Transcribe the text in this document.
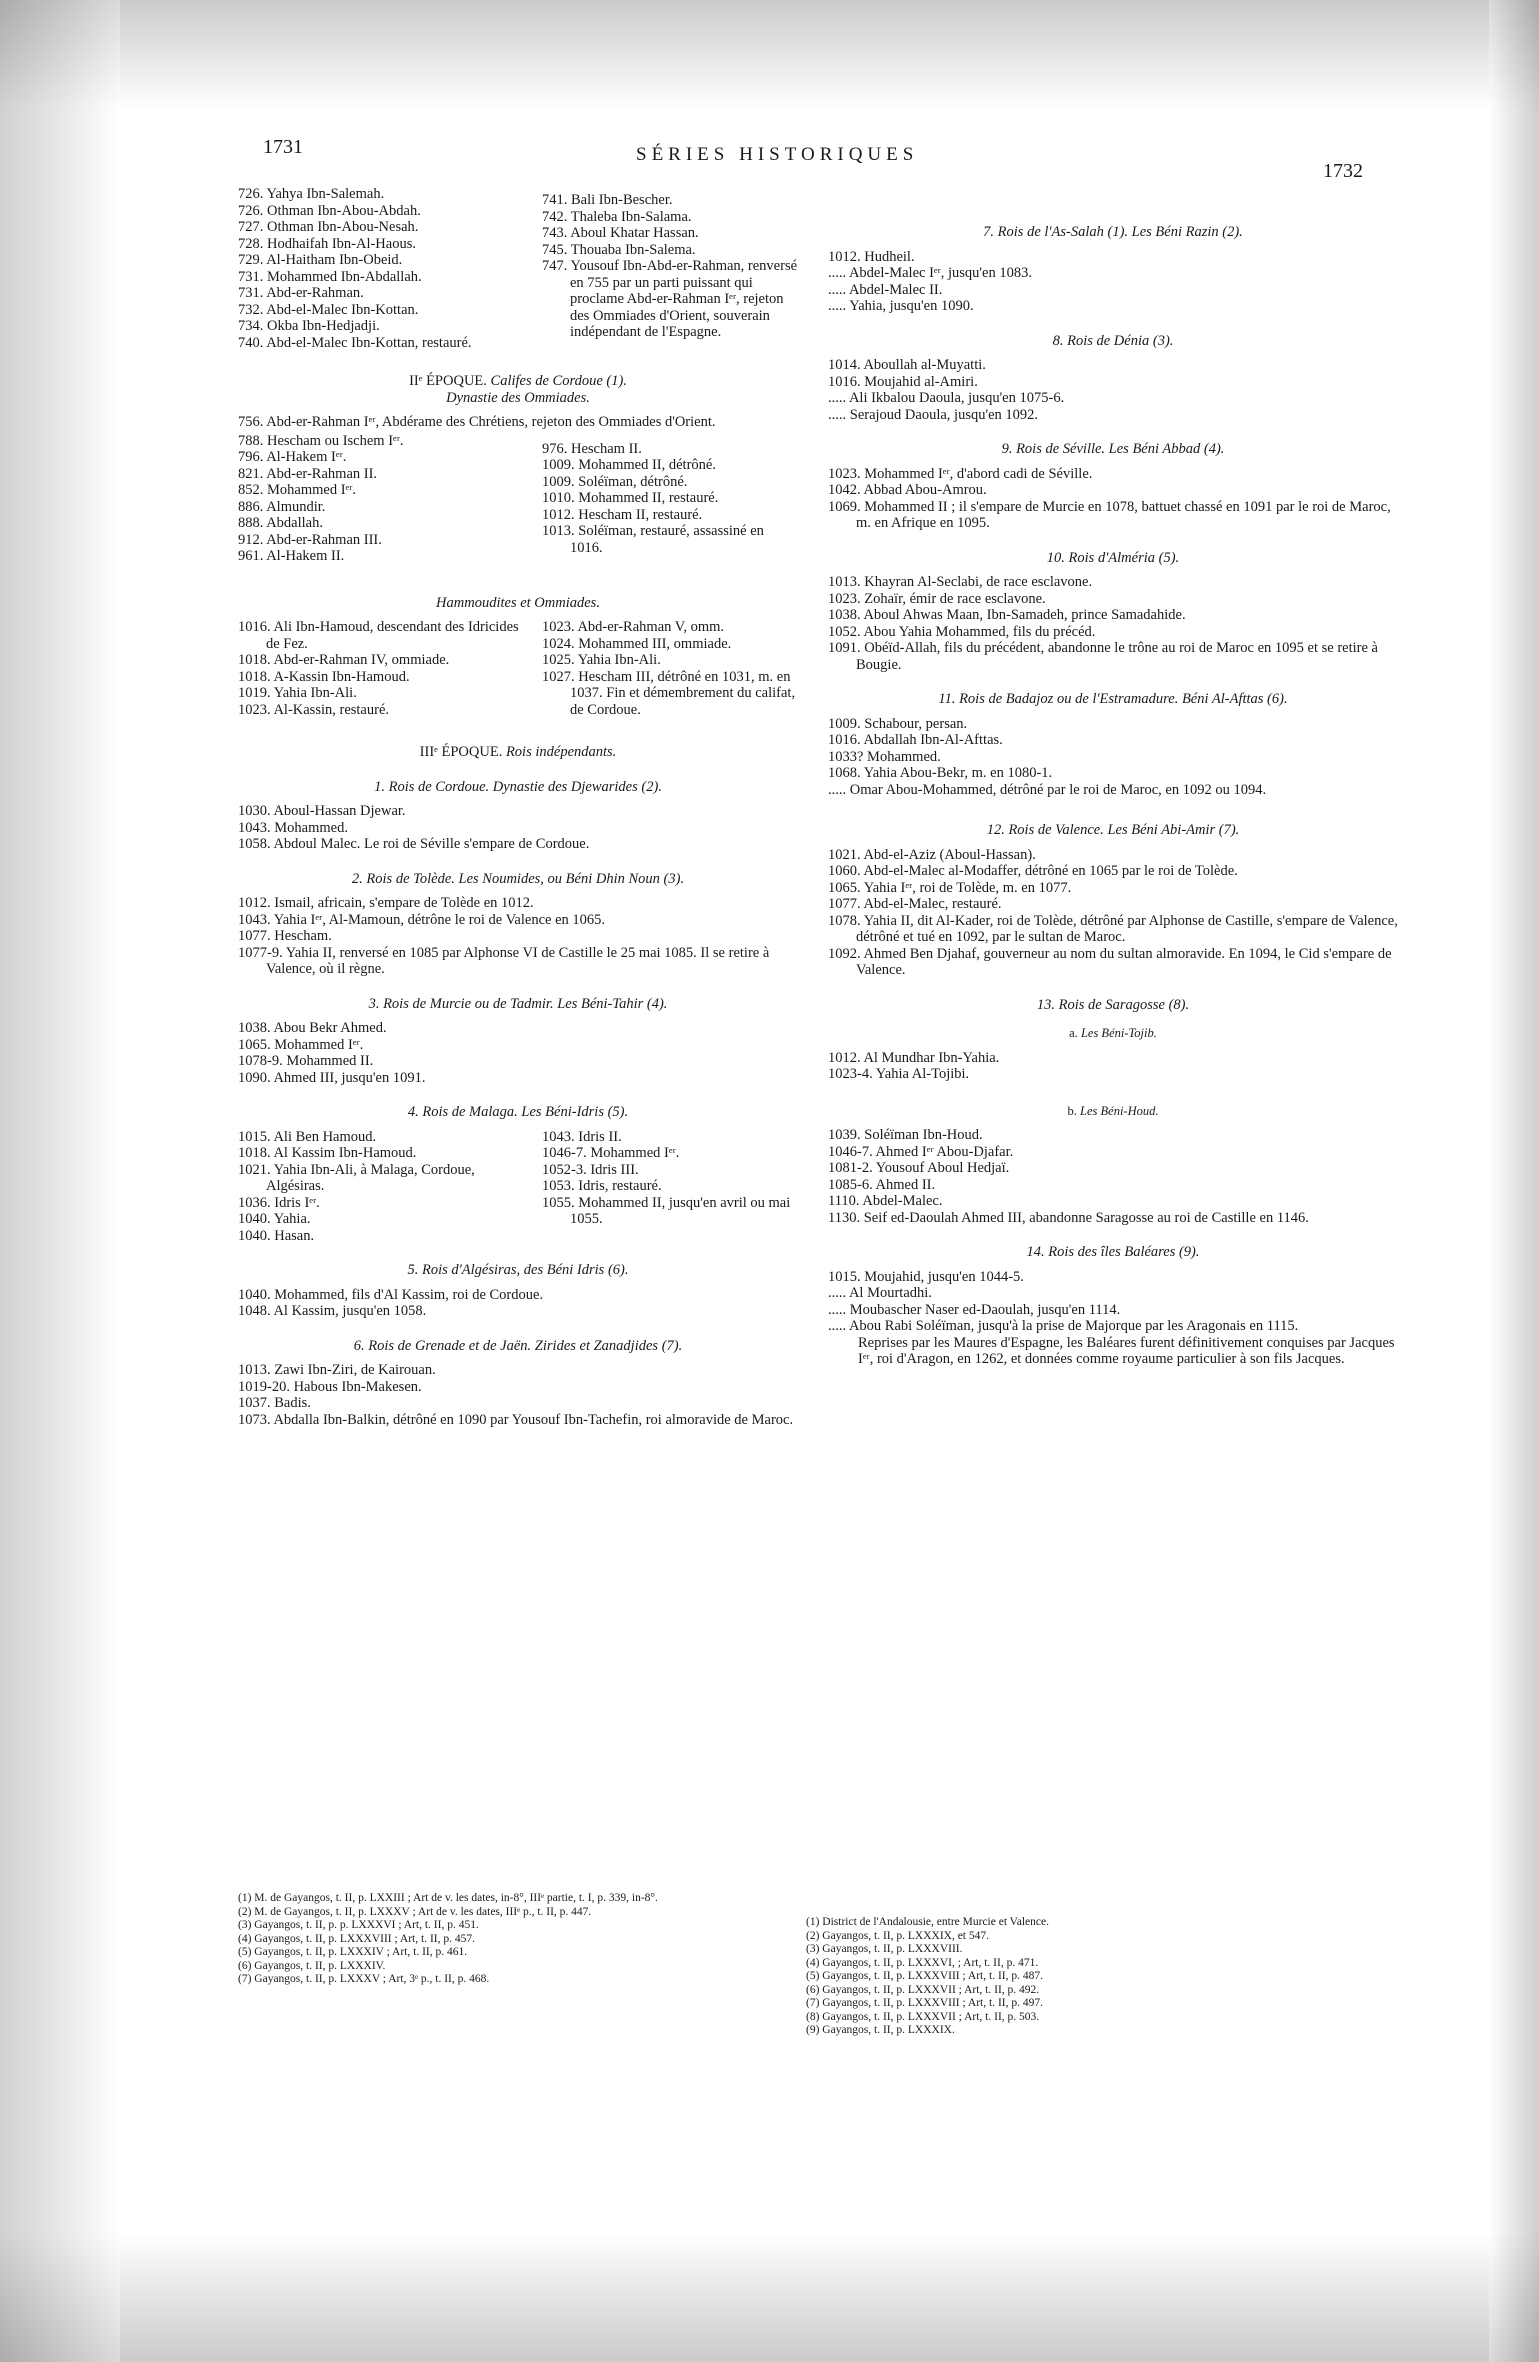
1731	SÉRIES HISTORIQUES
1732
726. Yahya Ibn-Salemah.
726. Othman Ibn-Abou-Abdah.
727. Othman Ibn-Abou-Nesah.
728. Hodhaifah Ibn-Al-Haous.
729. Al-Haitham Ibn-Obeid.
731. Mohammed Ibn-Abdallah.
731. Abd-er-Rahman.
732. Abd-el-Malec Ibn-Kottan.
734. Okba Ibn-Hedjadji.
740. Abd-el-Malec Ibn-Kottan, restauré.
741. Bali Ibn-Bescher.
742. Thaleba Ibn-Salama.
743. Aboul Khatar Hassan.
745. Thouaba Ibn-Salema.
747. Yousouf Ibn-Abd-er-Rahman, renversé en 755 par un parti puissant qui proclame Abd-er-Rahman Iᵉʳ, rejeton des Ommiades d'Orient, souverain indépendant de l'Espagne.
IIᵉ ÉPOQUE. Califes de Cordoue (1).
Dynastie des Ommiades.
756. Abd-er-Rahman Iᵉʳ, Abdérame des Chrétiens, rejeton des Ommiades d'Orient.
788. Hescham ou Ischem Iᵉʳ.
796. Al-Hakem Iᵉʳ.
821. Abd-er-Rahman II.
852. Mohammed Iᵉʳ.
886. Almundir.
888. Abdallah.
912. Abd-er-Rahman III.
961. Al-Hakem II.
976. Hescham II.
1009. Mohammed II, détrôné.
1009. Soléïman, détrôné.
1010. Mohammed II, restauré.
1012. Hescham II, restauré.
1013. Soléïman, restauré, assassiné en 1016.
Hammoudites et Ommiades.
1016. Ali Ibn-Hamoud, descendant des Idricides de Fez.
1018. Abd-er-Rahman IV, ommiade.
1018. A-Kassin Ibn-Hamoud.
1019. Yahia Ibn-Ali.
1023. Al-Kassin, restauré.
1023. Abd-er-Rahman V, omm.
1024. Mohammed III, ommiade.
1025. Yahia Ibn-Ali.
1027. Hescham III, détrôné en 1031, m. en 1037. Fin et démembrement du califat, de Cordoue.
IIIᵉ ÉPOQUE. Rois indépendants.
1. Rois de Cordoue. Dynastie des Djewarides (2).
1030. Aboul-Hassan Djewar.
1043. Mohammed.
1058. Abdoul Malec. Le roi de Séville s'empare de Cordoue.
2. Rois de Tolède. Les Noumides, ou Béni Dhin Noun (3).
1012. Ismail, africain, s'empare de Tolède en 1012.
1043. Yahia Iᵉʳ, Al-Mamoun, détrône le roi de Valence en 1065.
1077. Hescham.
1077-9. Yahia II, renversé en 1085 par Alphonse VI de Castille le 25 mai 1085. Il se retire à Valence, où il règne.
3. Rois de Murcie ou de Tadmir. Les Béni-Tahir (4).
1038. Abou Bekr Ahmed.
1065. Mohammed Iᵉʳ.
1078-9. Mohammed II.
1090. Ahmed III, jusqu'en 1091.
4. Rois de Malaga. Les Béni-Idris (5).
1015. Ali Ben Hamoud.
1018. Al Kassim Ibn-Hamoud.
1021. Yahia Ibn-Ali, à Malaga, Cordoue, Algésiras.
1036. Idris Iᵉʳ.
1040. Yahia.
1040. Hasan.
1043. Idris II.
1046-7. Mohammed Iᵉʳ.
1052-3. Idris III.
1053. Idris, restauré.
1055. Mohammed II, jusqu'en avril ou mai 1055.
5. Rois d'Algésiras, des Béni Idris (6).
1040. Mohammed, fils d'Al Kassim, roi de Cordoue.
1048. Al Kassim, jusqu'en 1058.
6. Rois de Grenade et de Jaën. Zirides et Zanadjides (7).
1013. Zawi Ibn-Ziri, de Kairouan.
1019-20. Habous Ibn-Makesen.
1037. Badis.
1073. Abdalla Ibn-Balkin, détrôné en 1090 par Yousouf Ibn-Tachefin, roi almoravide de Maroc.
(1) M. de Gayangos, t. II, p. LXXIII ; Art de v. les dates, in-8°, IIIᵉ partie, t. I, p. 339, in-8°.
(2) M. de Gayangos, t. II, p. LXXXV ; Art de v. les dates, IIIᵉ p., t. II, p. 447.
(3) Gayangos, t. II, p. p. LXXXVI ; Art, t. II, p. 451.
(4) Gayangos, t. II, p. LXXXVIII ; Art, t. II, p. 457.
(5) Gayangos, t. II, p. LXXXIV ; Art, t. II, p. 461.
(6) Gayangos, t. II, p. LXXXIV.
(7) Gayangos, t. II, p. LXXXV ; Art, 3ᵉ p., t. II, p. 468.
7. Rois de l'As-Salah (1). Les Béni Razin (2).
1012. Hudheil.
..... Abdel-Malec Iᵉʳ, jusqu'en 1083.
..... Abdel-Malec II.
..... Yahia, jusqu'en 1090.
8. Rois de Dénia (3).
1014. Aboullah al-Muyatti.
1016. Moujahid al-Amiri.
..... Ali Ikbalou Daoula, jusqu'en 1075-6.
..... Serajoud Daoula, jusqu'en 1092.
9. Rois de Séville. Les Béni Abbad (4).
1023. Mohammed Iᵉʳ, d'abord cadi de Séville.
1042. Abbad Abou-Amrou.
1069. Mohammed II ; il s'empare de Murcie en 1078, battuet chassé en 1091 par le roi de Maroc, m. en Afrique en 1095.
10. Rois d'Alméria (5).
1013. Khayran Al-Seclabi, de race esclavone.
1023. Zohaïr, émir de race esclavone.
1038. Aboul Ahwas Maan, Ibn-Samadeh, prince Samadahide.
1052. Abou Yahia Mohammed, fils du précéd.
1091. Obéïd-Allah, fils du précédent, abandonne le trône au roi de Maroc en 1095 et se retire à Bougie.
11. Rois de Badajoz ou de l'Estramadure. Béni Al-Afttas (6).
1009. Schabour, persan.
1016. Abdallah Ibn-Al-Afttas.
1033? Mohammed.
1068. Yahia Abou-Bekr, m. en 1080-1.
..... Omar Abou-Mohammed, détrôné par le roi de Maroc, en 1092 ou 1094.
12. Rois de Valence. Les Béni Abi-Amir (7).
1021. Abd-el-Aziz (Aboul-Hassan).
1060. Abd-el-Malec al-Modaffer, détrôné en 1065 par le roi de Tolède.
1065. Yahia Iᵉʳ, roi de Tolède, m. en 1077.
1077. Abd-el-Malec, restauré.
1078. Yahia II, dit Al-Kader, roi de Tolède, détrôné par Alphonse de Castille, s'empare de Valence, détrôné et tué en 1092, par le sultan de Maroc.
1092. Ahmed Ben Djahaf, gouverneur au nom du sultan almoravide. En 1094, le Cid s'empare de Valence.
13. Rois de Saragosse (8).
a. Les Béni-Tojib.
1012. Al Mundhar Ibn-Yahia.
1023-4. Yahia Al-Tojibi.
b. Les Béni-Houd.
1039. Soléïman Ibn-Houd.
1046-7. Ahmed Iᵉʳ Abou-Djafar.
1081-2. Yousouf Aboul Hedjaï.
1085-6. Ahmed II.
1110. Abdel-Malec.
1130. Seif ed-Daoulah Ahmed III, abandonne Saragosse au roi de Castille en 1146.
14. Rois des îles Baléares (9).
1015. Moujahid, jusqu'en 1044-5.
..... Al Mourtadhi.
..... Moubascher Naser ed-Daoulah, jusqu'en 1114.
..... Abou Rabi Soléïman, jusqu'à la prise de Majorque par les Aragonais en 1115.
Reprises par les Maures d'Espagne, les Baléares furent définitivement conquises par Jacques Iᵉʳ, roi d'Aragon, en 1262, et données comme royaume particulier à son fils Jacques.
(1) District de l'Andalousie, entre Murcie et Valence.
(2) Gayangos, t. II, p. LXXXIX, et 547.
(3) Gayangos, t. II, p. LXXXVIII.
(4) Gayangos, t. II, p. LXXXVI, ; Art, t. II, p. 471.
(5) Gayangos, t. II, p. LXXXVIII ; Art, t. II, p. 487.
(6) Gayangos, t. II, p. LXXXVII ; Art, t. II, p. 492.
(7) Gayangos, t. II, p. LXXXVIII ; Art, t. II, p. 497.
(8) Gayangos, t. II, p. LXXXVII ; Art, t. II, p. 503.
(9) Gayangos, t. II, p. LXXXIX.
